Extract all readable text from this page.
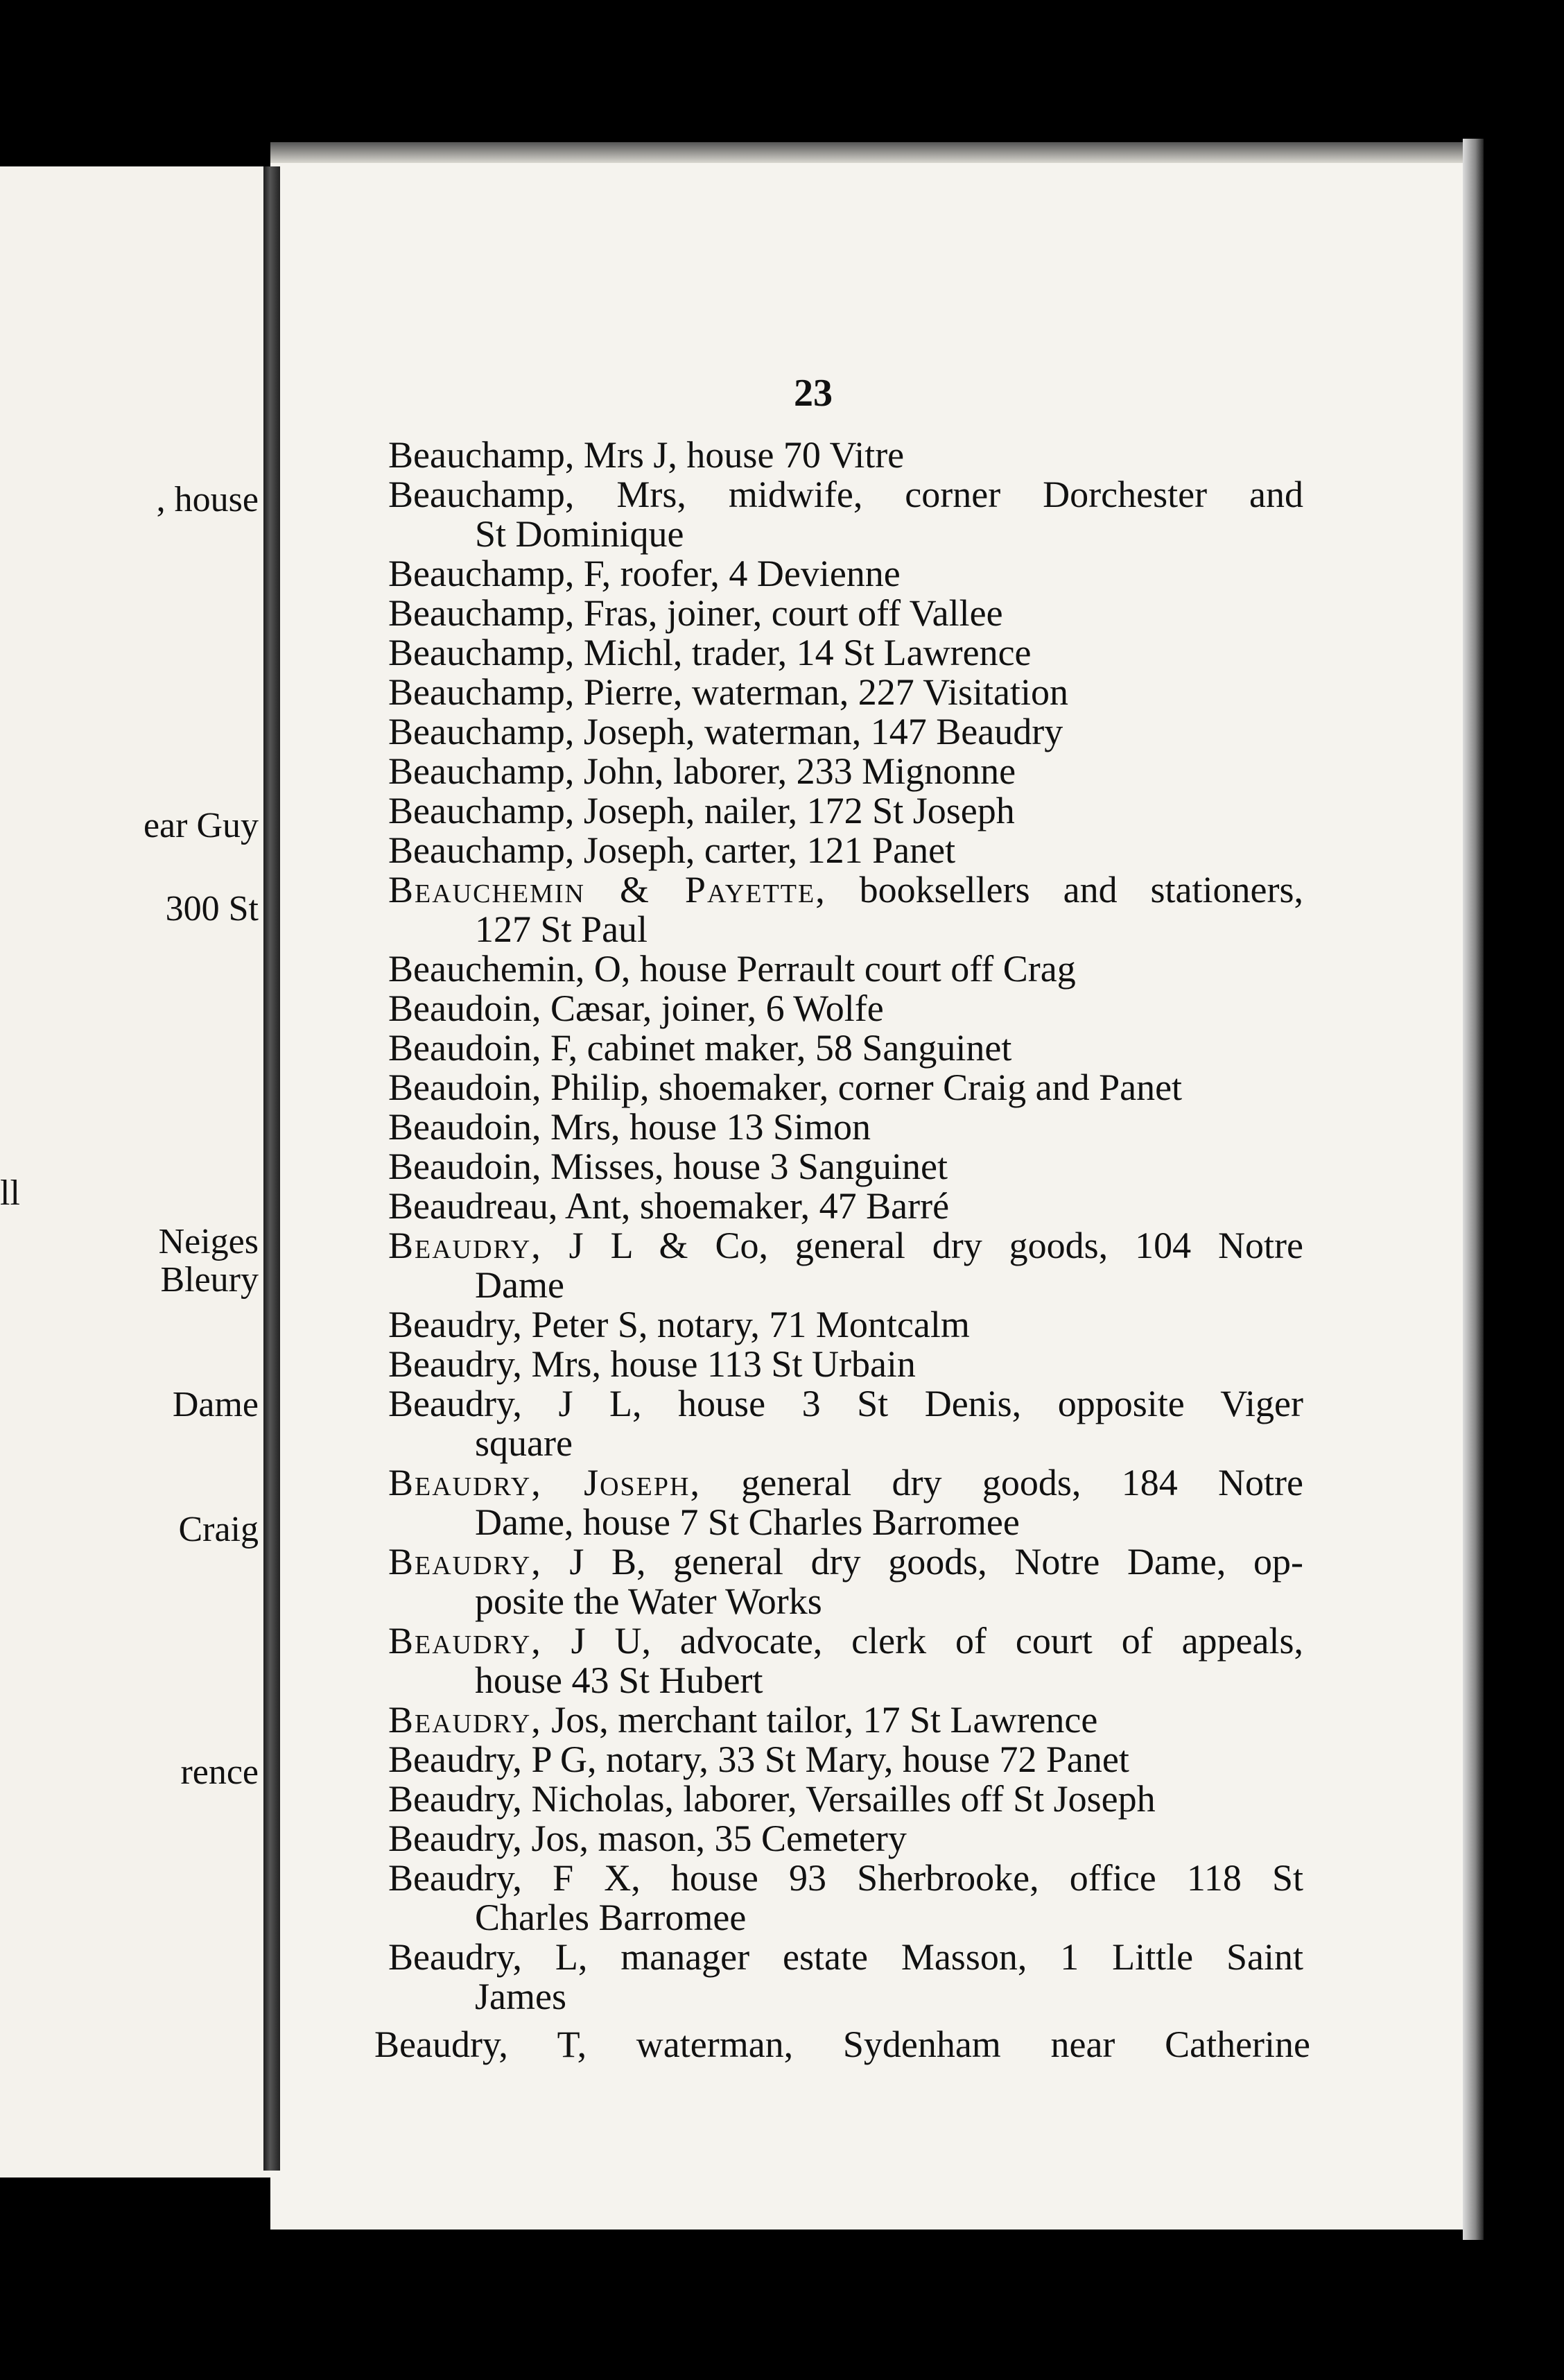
, house
ear Guy
300 St
ll
Neiges
Bleury
Dame
Craig
rence
23
Beauchamp, Mrs J, house 70 Vitre
Beauchamp, Mrs, midwife, corner Dorchester and
St Dominique
Beauchamp, F, roofer, 4 Devienne
Beauchamp, Fras, joiner, court off Vallee
Beauchamp, Michl, trader, 14 St Lawrence
Beauchamp, Pierre, waterman, 227 Visitation
Beauchamp, Joseph, waterman, 147 Beaudry
Beauchamp, John, laborer, 233 Mignonne
Beauchamp, Joseph, nailer, 172 St Joseph
Beauchamp, Joseph, carter, 121 Panet
Beauchemin & Payette, booksellers and stationers,
127 St Paul
Beauchemin, O, house Perrault court off Crag
Beaudoin, Cæsar, joiner, 6 Wolfe
Beaudoin, F, cabinet maker, 58 Sanguinet
Beaudoin, Philip, shoemaker, corner Craig and Panet
Beaudoin, Mrs, house 13 Simon
Beaudoin, Misses, house 3 Sanguinet
Beaudreau, Ant, shoemaker, 47 Barré
Beaudry, J L & Co, general dry goods, 104 Notre
Dame
Beaudry, Peter S, notary, 71 Montcalm
Beaudry, Mrs, house 113 St Urbain
Beaudry, J L, house 3 St Denis, opposite Viger
square
Beaudry, Joseph, general dry goods, 184 Notre
Dame, house 7 St Charles Barromee
Beaudry, J B, general dry goods, Notre Dame, op-
posite the Water Works
Beaudry, J U, advocate, clerk of court of appeals,
house 43 St Hubert
Beaudry, Jos, merchant tailor, 17 St Lawrence
Beaudry, P G, notary, 33 St Mary, house 72 Panet
Beaudry, Nicholas, laborer, Versailles off St Joseph
Beaudry, Jos, mason, 35 Cemetery
Beaudry, F X, house 93 Sherbrooke, office 118 St
Charles Barromee
Beaudry, L, manager estate Masson, 1 Little Saint
James
Beaudry, T, waterman, Sydenham near Catherine
